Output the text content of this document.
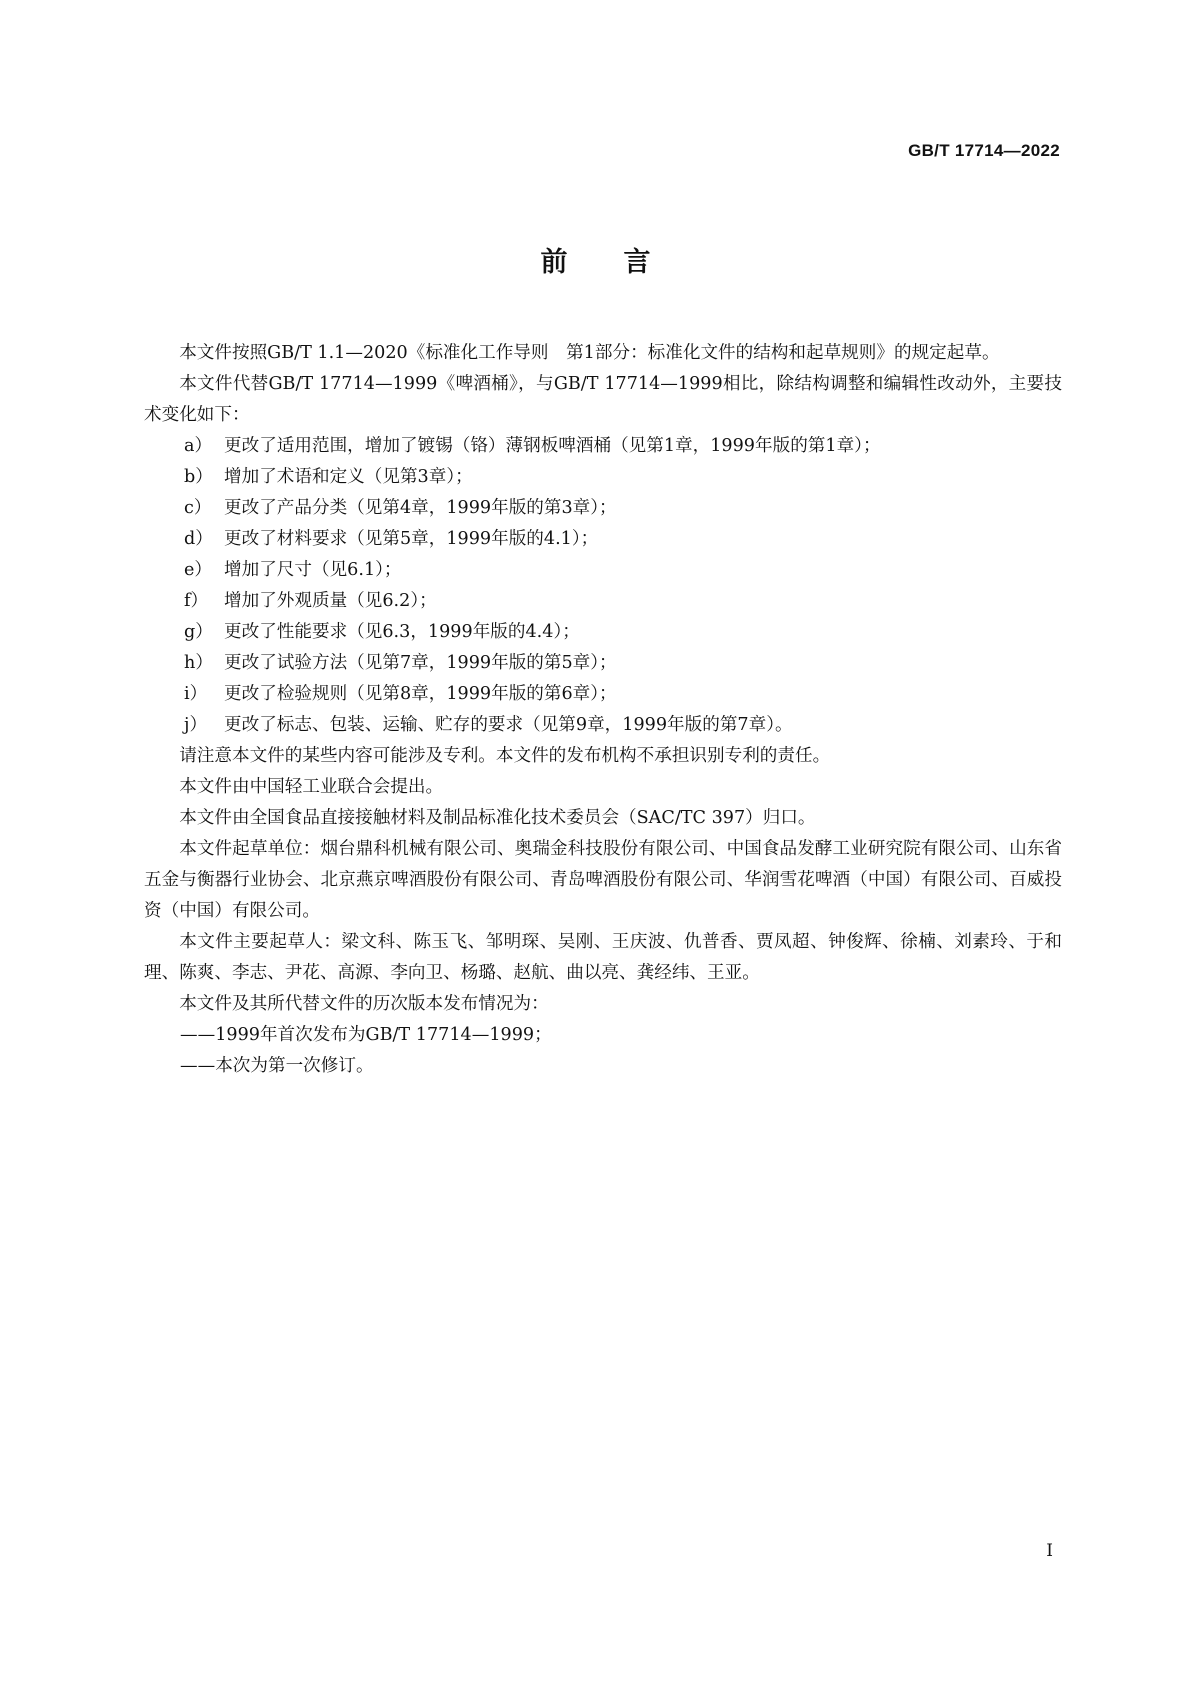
GB/T 17714—2022
前言

本文件按照GB/T 1.1—2020《标准化工作导则　第1部分：标准化文件的结构和起草规则》的规定起草。

本文件代替GB/T 17714—1999《啤酒桶》，与GB/T 17714—1999相比，除结构调整和编辑性改动外，主要技术变化如下：

a） 更改了适用范围，增加了镀锡（铬）薄钢板啤酒桶（见第1章，1999年版的第1章）；

b） 增加了术语和定义（见第3章）；

c） 更改了产品分类（见第4章，1999年版的第3章）；

d） 更改了材料要求（见第5章，1999年版的4.1）；

e） 增加了尺寸（见6.1）；

f） 增加了外观质量（见6.2）；

g） 更改了性能要求（见6.3，1999年版的4.4）；

h） 更改了试验方法（见第7章，1999年版的第5章）；

i） 更改了检验规则（见第8章，1999年版的第6章）；

j） 更改了标志、包装、运输、贮存的要求（见第9章，1999年版的第7章）。

请注意本文件的某些内容可能涉及专利。本文件的发布机构不承担识别专利的责任。

本文件由中国轻工业联合会提出。

本文件由全国食品直接接触材料及制品标准化技术委员会（SAC/TC 397）归口。

本文件起草单位：烟台鼎科机械有限公司、奥瑞金科技股份有限公司、中国食品发酵工业研究院有限公司、山东省五金与衡器行业协会、北京燕京啤酒股份有限公司、青岛啤酒股份有限公司、华润雪花啤酒（中国）有限公司、百威投资（中国）有限公司。

本文件主要起草人：梁文科、陈玉飞、邹明琛、吴刚、王庆波、仇普香、贾凤超、钟俊辉、徐楠、刘素玲、于和理、陈爽、李志、尹花、高源、李向卫、杨璐、赵航、曲以亮、龚经纬、王亚。

本文件及其所代替文件的历次版本发布情况为：

——1999年首次发布为GB/T 17714—1999；

——本次为第一次修订。

I
